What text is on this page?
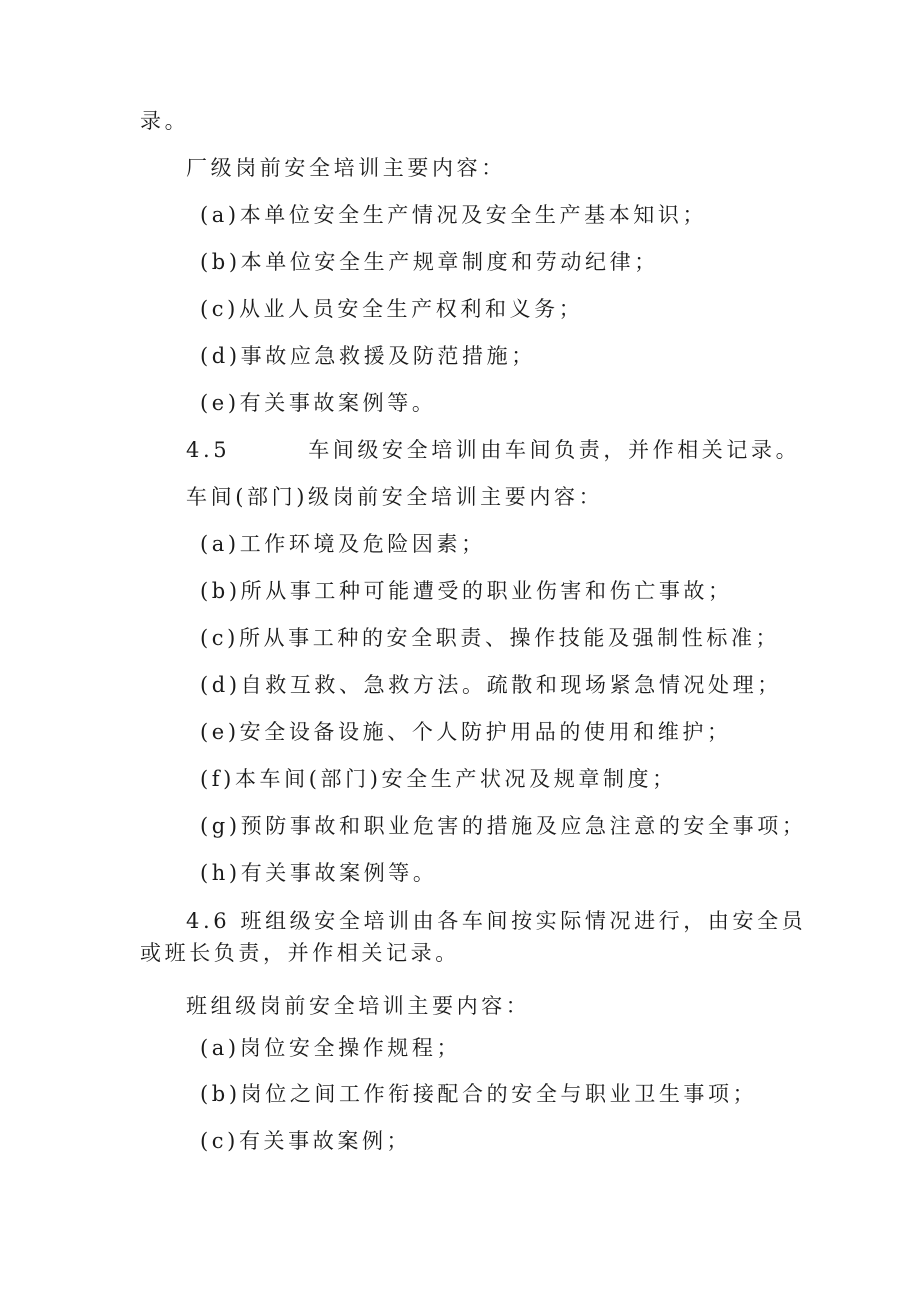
录。

厂级岗前安全培训主要内容：

(a)本单位安全生产情况及安全生产基本知识；

(b)本单位安全生产规章制度和劳动纪律；

(c)从业人员安全生产权利和义务；

(d)事故应急救援及防范措施；

(e)有关事故案例等。

4.5	车间级安全培训由车间负责，并作相关记录。

车间(部门)级岗前安全培训主要内容：

(a)工作环境及危险因素；

(b)所从事工种可能遭受的职业伤害和伤亡事故；

(c)所从事工种的安全职责、操作技能及强制性标准；

(d)自救互救、急救方法。疏散和现场紧急情况处理；

(e)安全设备设施、个人防护用品的使用和维护；

(f)本车间(部门)安全生产状况及规章制度；

(g)预防事故和职业危害的措施及应急注意的安全事项；

(h)有关事故案例等。

4.6 班组级安全培训由各车间按实际情况进行，由安全员

或班长负责，并作相关记录。

班组级岗前安全培训主要内容：

(a)岗位安全操作规程；

(b)岗位之间工作衔接配合的安全与职业卫生事项；

(c)有关事故案例；
